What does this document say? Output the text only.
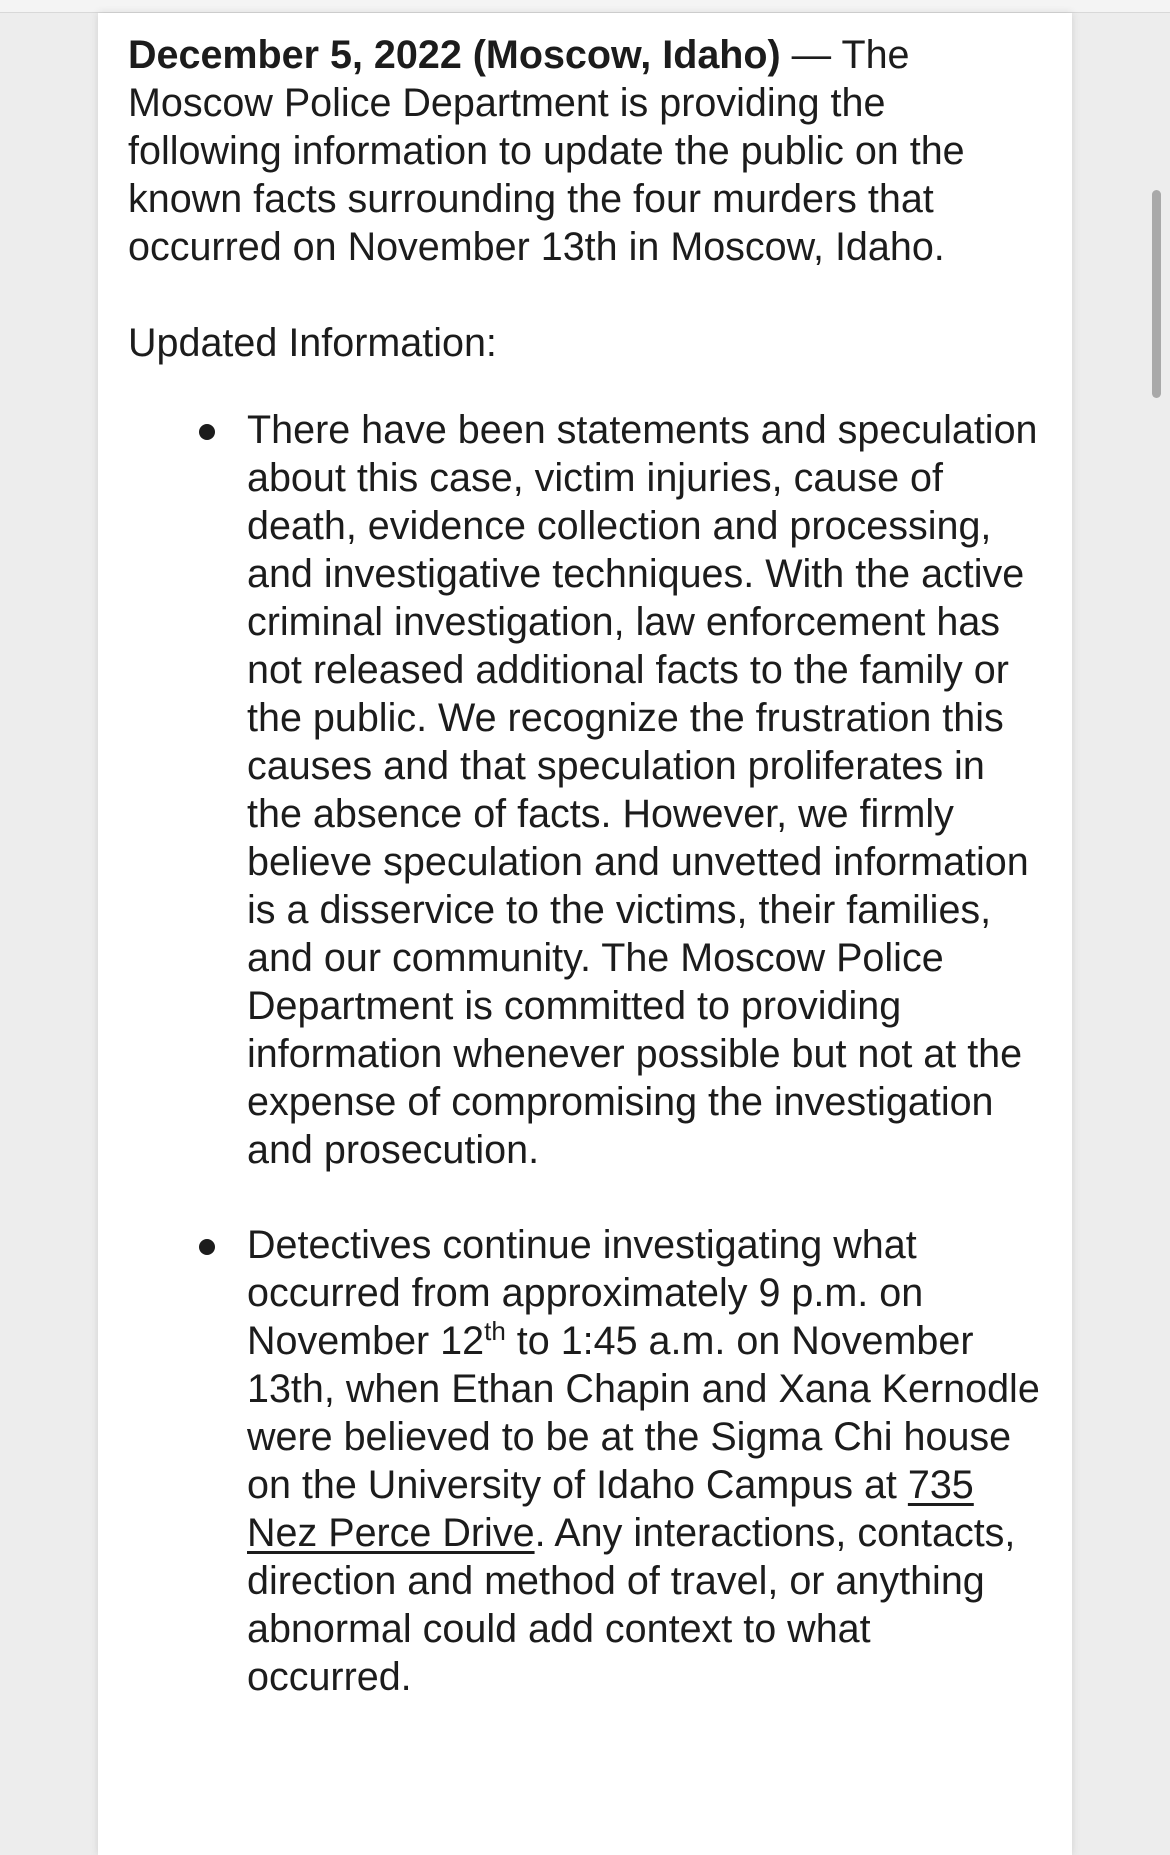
December 5, 2022 (Moscow, Idaho) — The Moscow Police Department is providing the following information to update the public on the known facts surrounding the four murders that occurred on November 13th in Moscow, Idaho.

Updated Information:

There have been statements and speculation about this case, victim injuries, cause of death, evidence collection and processing, and investigative techniques. With the active criminal investigation, law enforcement has not released additional facts to the family or the public. We recognize the frustration this causes and that speculation proliferates in the absence of facts. However, we firmly believe speculation and unvetted information is a disservice to the victims, their families, and our community. The Moscow Police Department is committed to providing information whenever possible but not at the expense of compromising the investigation and prosecution.
Detectives continue investigating what occurred from approximately 9 p.m. on November 12th to 1:45 a.m. on November 13th, when Ethan Chapin and Xana Kernodle were believed to be at the Sigma Chi house on the University of Idaho Campus at 735 Nez Perce Drive. Any interactions, contacts, direction and method of travel, or anything abnormal could add context to what occurred.
